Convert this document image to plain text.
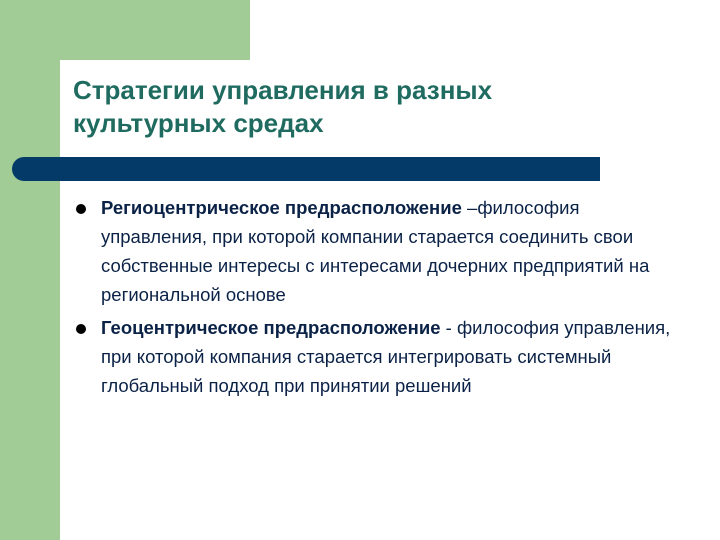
Стратегии управления в разных культурных средах
Региоцентрическое предрасположение –философия управления, при которой компании старается соединить свои собственные интересы с интересами дочерних предприятий на региональной основе
Геоцентрическое предрасположение - философия управления, при которой компания старается интегрировать системный глобальный подход при принятии решений
